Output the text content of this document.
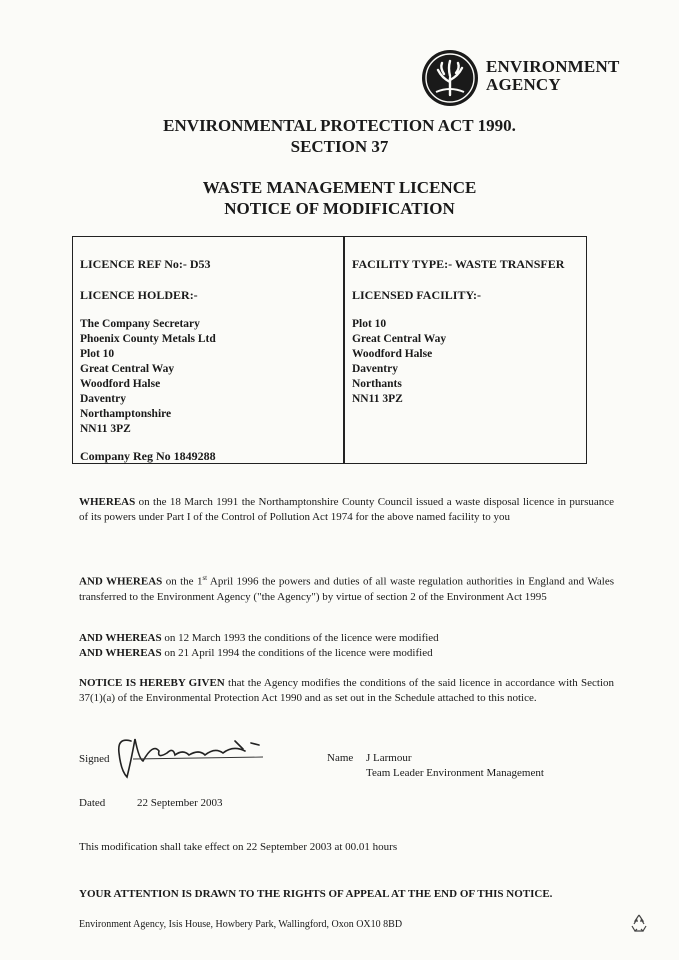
ENVIRONMENT
AGENCY
ENVIRONMENTAL PROTECTION ACT 1990.
SECTION 37
WASTE MANAGEMENT LICENCE
NOTICE OF MODIFICATION
LICENCE REF No:- D53
LICENCE HOLDER:-
The Company Secretary
Phoenix County Metals Ltd
Plot 10
Great Central Way
Woodford Halse
Daventry
Northamptonshire
NN11 3PZ
Company Reg No 1849288
FACILITY TYPE:- WASTE TRANSFER
LICENSED FACILITY:-
Plot 10
Great Central Way
Woodford Halse
Daventry
Northants
NN11 3PZ
WHEREAS on the 18 March 1991 the Northamptonshire County Council issued a waste disposal licence in pursuance of its powers under Part I of the Control of Pollution Act 1974 for the above named facility to you
AND WHEREAS on the 1st April 1996 the powers and duties of all waste regulation authorities in England and Wales transferred to the Environment Agency ("the Agency") by virtue of section 2 of the Environment Act 1995
AND WHEREAS on 12 March 1993 the conditions of the licence were modified
AND WHEREAS on 21 April 1994 the conditions of the licence were modified
NOTICE IS HEREBY GIVEN that the Agency modifies the conditions of the said licence in accordance with Section 37(1)(a) of the Environmental Protection Act 1990 and as set out in the Schedule attached to this notice.
Signed	Name J Larmour
Team Leader Environment Management
Dated	22 September 2003
This modification shall take effect on 22 September 2003 at 00.01 hours
YOUR ATTENTION IS DRAWN TO THE RIGHTS OF APPEAL AT THE END OF THIS NOTICE.
Environment Agency, Isis House, Howbery Park, Wallingford, Oxon OX10 8BD
